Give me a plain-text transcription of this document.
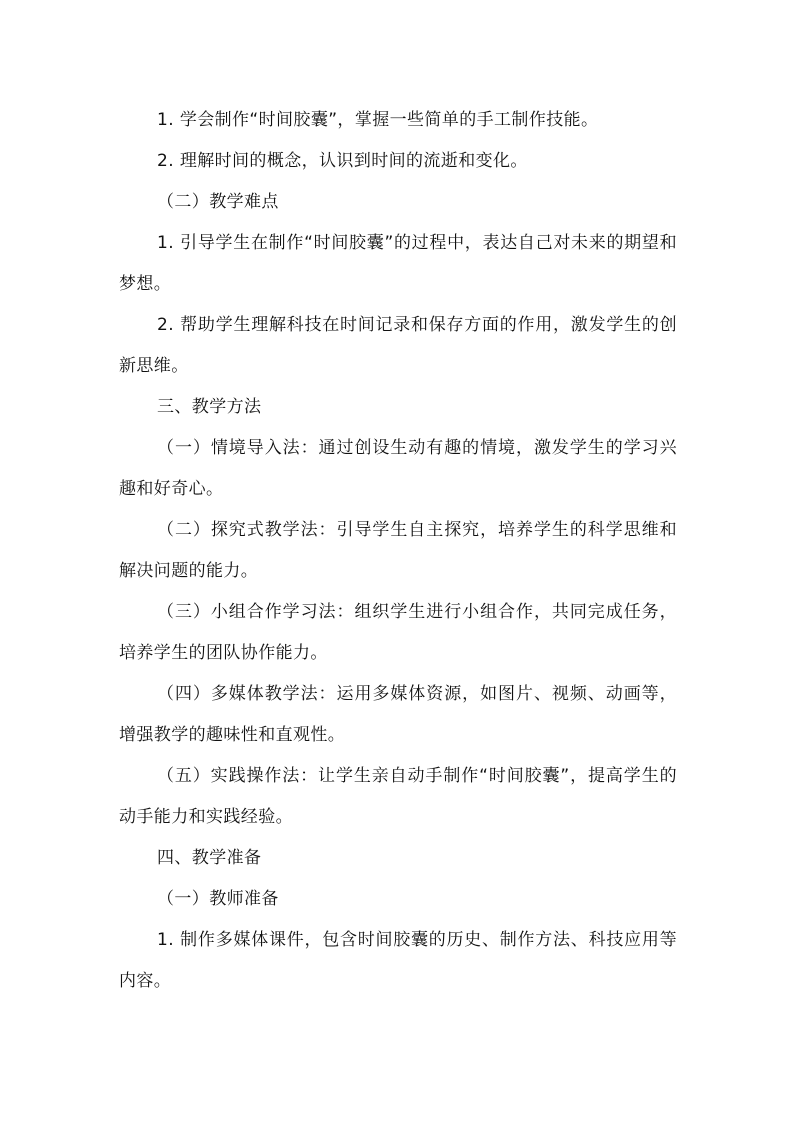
1. 学会制作“时间胶囊”，掌握一些简单的手工制作技能。

2. 理解时间的概念，认识到时间的流逝和变化。

（二）教学难点

1. 引导学生在制作“时间胶囊”的过程中，表达自己对未来的期望和梦想。

2. 帮助学生理解科技在时间记录和保存方面的作用，激发学生的创新思维。

三、教学方法

（一）情境导入法：通过创设生动有趣的情境，激发学生的学习兴趣和好奇心。

（二）探究式教学法：引导学生自主探究，培养学生的科学思维和解决问题的能力。

（三）小组合作学习法：组织学生进行小组合作，共同完成任务，培养学生的团队协作能力。

（四）多媒体教学法：运用多媒体资源，如图片、视频、动画等，增强教学的趣味性和直观性。

（五）实践操作法：让学生亲自动手制作“时间胶囊”，提高学生的动手能力和实践经验。

四、教学准备

（一）教师准备

1. 制作多媒体课件，包含时间胶囊的历史、制作方法、科技应用等内容。
